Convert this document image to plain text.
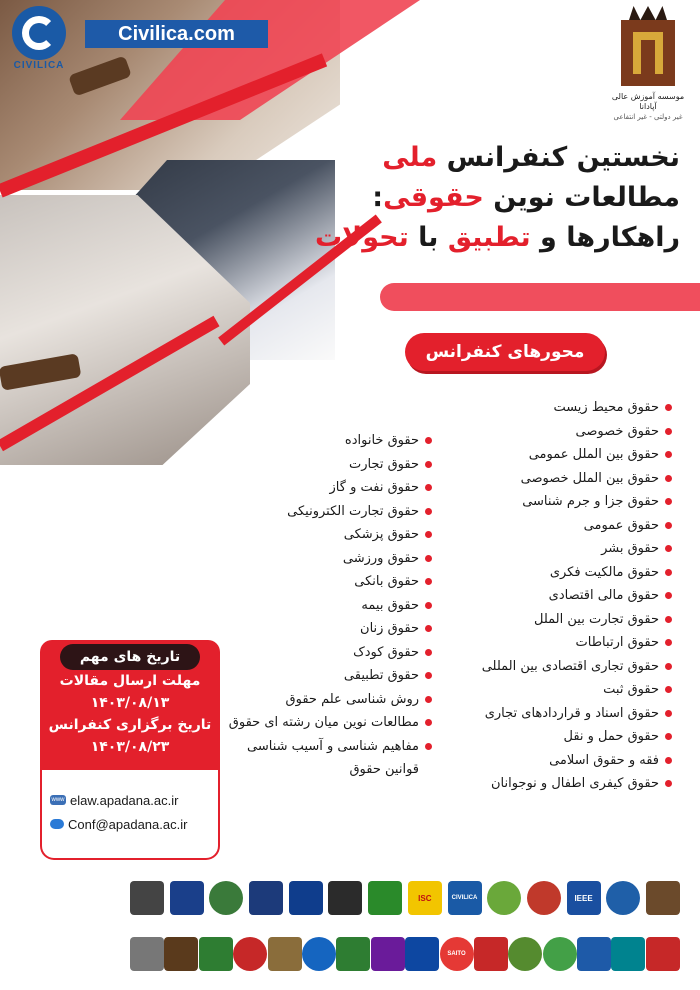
CIVILICA
Civilica.com
موسسه آموزش عالی آپادانا
غیر دولتی - غیر انتفاعی
نخستین کنفرانس ملی
مطالعات نوین حقوقی:
راهکارها و تطبیق با تحولات
محورهای کنفرانس
حقوق محیط زیست
حقوق خصوصی
حقوق بین الملل عمومی
حقوق بین الملل خصوصی
حقوق جزا و جرم شناسی
حقوق عمومی
حقوق بشر
حقوق مالکیت فکری
حقوق مالی اقتصادی
حقوق تجارت بین الملل
حقوق ارتباطات
حقوق تجاری اقتصادی بین المللی
حقوق ثبت
حقوق اسناد و قراردادهای تجاری
حقوق حمل و نقل
فقه و حقوق اسلامی
حقوق کیفری اطفال و نوجوانان
حقوق خانواده
حقوق تجارت
حقوق نفت و گاز
حقوق تجارت الکترونیکی
حقوق پزشکی
حقوق ورزشی
حقوق بانکی
حقوق بیمه
حقوق زنان
حقوق کودک
حقوق تطبیقی
روش شناسی علم حقوق
مطالعات نوین میان رشته ای حقوق
مفاهیم شناسی و آسیب شناسی
قوانین حقوق
تاریخ های مهم

مهلت ارسال مقالات

۱۴۰۳/۰۸/۱۳

تاریخ برگزاری کنفرانس

۱۴۰۳/۰۸/۲۳

www elaw.apadana.ac.ir
Conf@apadana.ac.ir
ISC	CIVILICA	IEEE
SAITO
